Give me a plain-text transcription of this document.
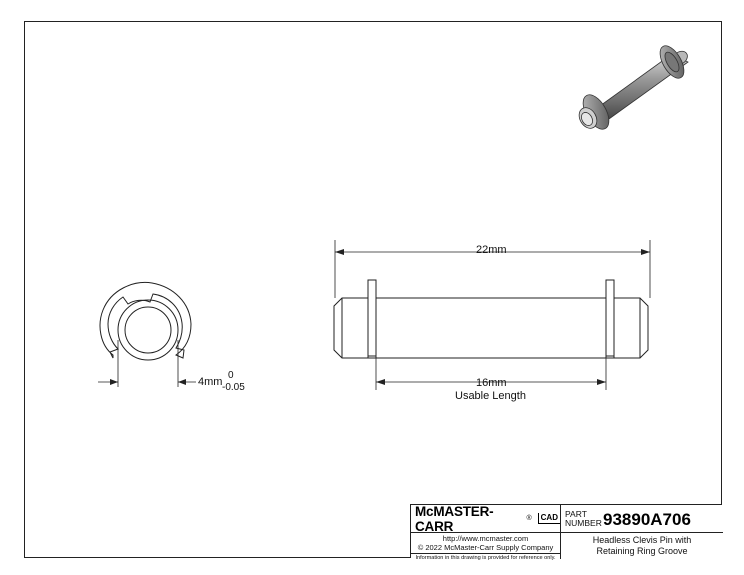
22mm
16mm
Usable Length
4mm
0
-0.05
McMASTER-CARR	®	CAD PART
NUMBER 93890A706
http://www.mcmaster.com
© 2022 McMaster-Carr Supply Company
Information in this drawing is provided for reference only.
Headless Clevis Pin with
Retaining Ring Groove
